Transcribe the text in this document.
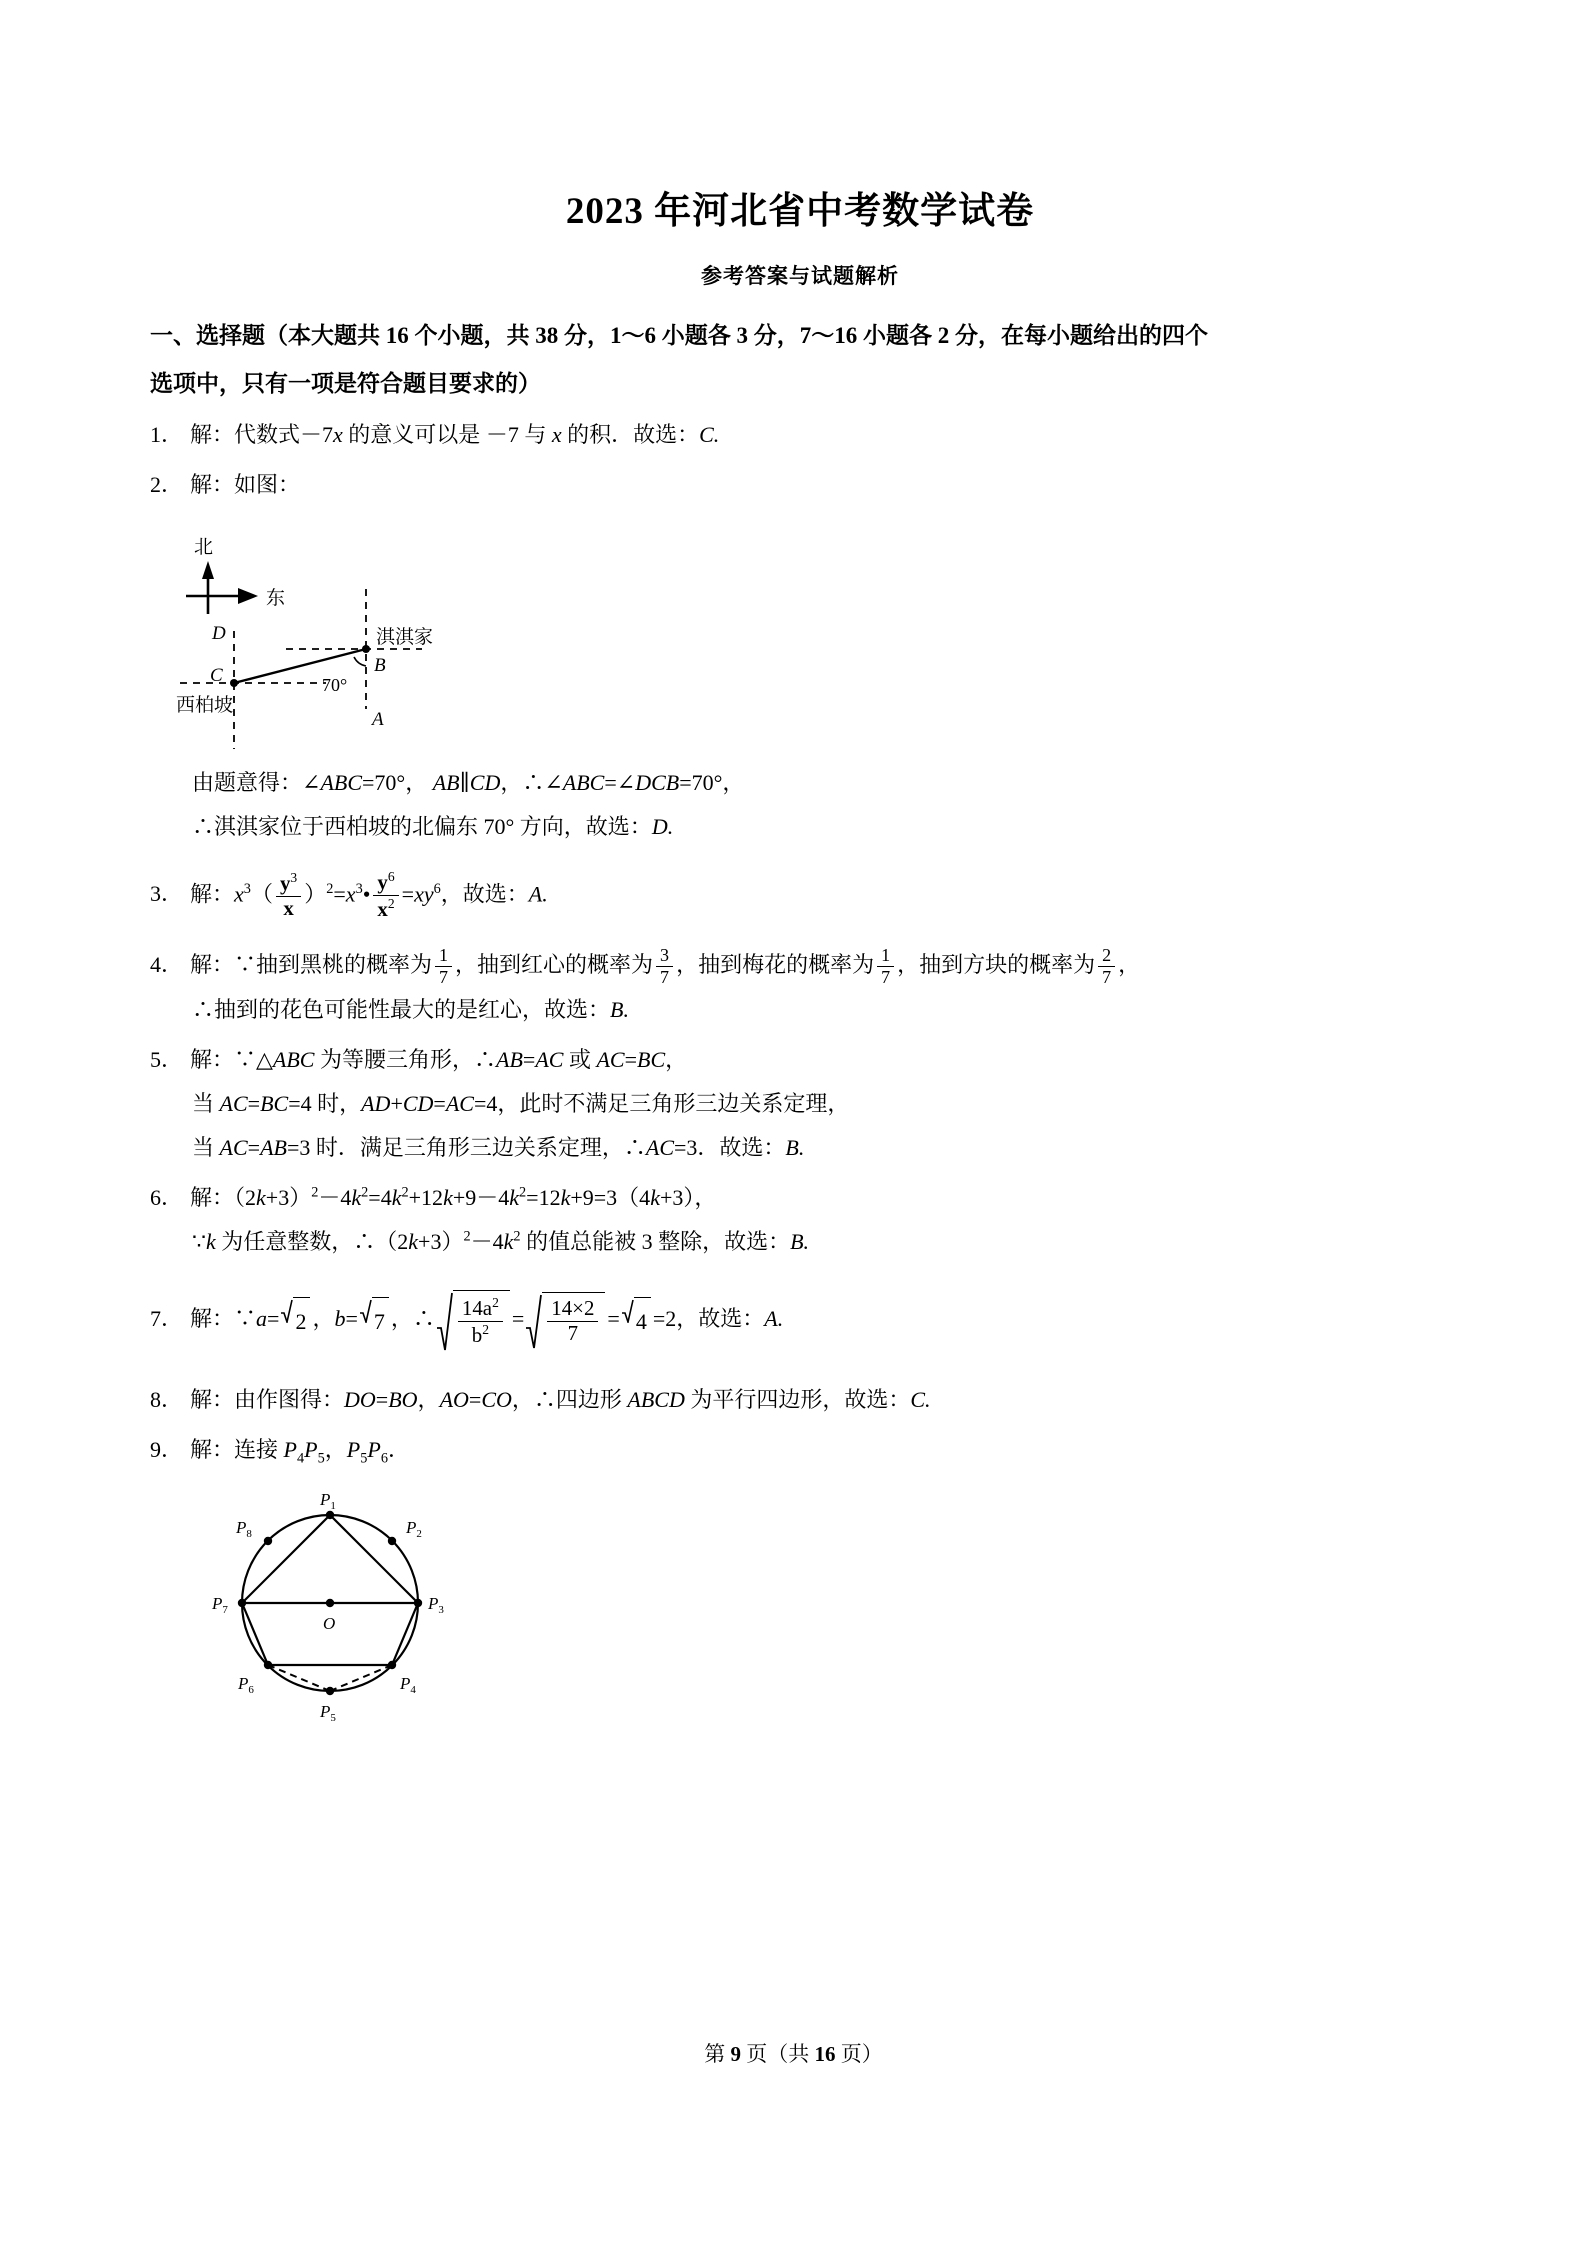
2023 年河北省中考数学试卷
参考答案与试题解析
一、选择题（本大题共 16 个小题，共 38 分，1～6 小题各 3 分，7～16 小题各 2 分，在每小题给出的四个
选项中，只有一项是符合题目要求的）
1． 解：代数式－7x 的意义可以是 －7 与 x 的积．故选：C.
2． 解：如图：
北
东
D
C	B
A
70°
淇淇家
西柏坡
由题意得：∠ABC=70°， AB∥CD，∴∠ABC=∠DCB=70°，
∴淇淇家位于西柏坡的北偏东 70° 方向，故选：D.
3． 解：$x^3( \frac{y^3}{x}$ ）$^2=x^3• \frac{y^6}{x^2} =xy^6$，故选：A.
4． 解：∵抽到黑桃的概率为 $\frac{1}{7}$ ，抽到红心的概率为 $\frac{3}{7}$ ，抽到梅花的概率为 $\frac{1}{7}$ ，抽到方块的概率为 $\frac{2}{7}$ ，
∴抽到的花色可能性最大的是红心，故选：B.
5． 解：∵△ABC 为等腰三角形，∴AB=AC 或 AC=BC，
当 AC=BC=4 时，AD+CD=AC=4，此时不满足三角形三边关系定理，
当 AC=AB=3 时．满足三角形三边关系定理，∴AC=3．故选：B.
6． 解：$(2k+3)^2-4k^2=4k^2+12k+9-4k^2=12k+9=3(4k+3)$，
∵k 为任意整数，$\therefore(2k+3)^2-4k^2$ 的值总能被 3 整除，故选：B.
7． 解：∵a= 2 ，b= 7 ，∴ $\frac{14a^2}{b^2} = \frac{14\times 2}{7} = 4 =2$，故选：A.
8． 解：由作图得：DO=BO，AO=CO，∴四边形 ABCD 为平行四边形，故选：C.
9． 解：连接 $P_4P_5$，$P_5P_6$．
$P_1$
$P_2$
$P_3$
$P_4$
$P_5$
$P_6$
$P_7$
$P_8$
O
第 9 页（共 16 页）
